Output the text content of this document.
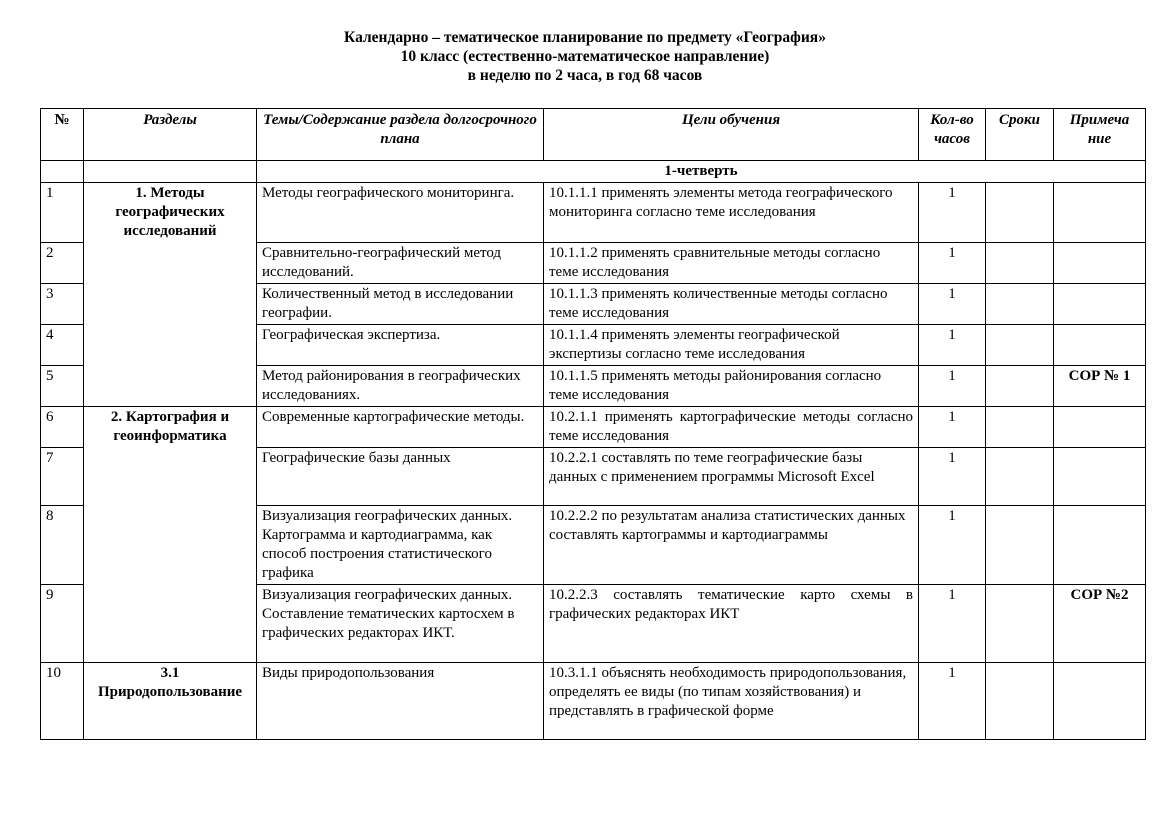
Календарно – тематическое планирование по предмету «География»
10 класс (естественно-математическое направление)
в неделю по 2 часа, в год 68 часов
№	Разделы	Темы/Содержание раздела долгосрочного плана	Цели обучения	Кол-во часов	Сроки	Примеча ние
		1-четверть				
1	1. Методы географических исследований	Методы географического мониторинга.	10.1.1.1 применять элементы метода географического мониторинга согласно теме исследования	1		
2		Сравнительно-географический метод исследований.	10.1.1.2 применять сравнительные методы согласно теме исследования	1		
3		Количественный метод в исследовании географии.	10.1.1.3 применять количественные методы согласно теме исследования	1		
4		Географическая экспертиза.	10.1.1.4 применять элементы географической экспертизы согласно теме исследования	1		
5		Метод районирования в географических исследованиях.	10.1.1.5 применять методы районирования согласно теме исследования	1		СОР № 1
6	2. Картография и геоинформатика	Современные картографические методы.	10.2.1.1 применять картографические методы согласно теме исследования	1		
7		Географические базы данных	10.2.2.1 составлять по теме географические базы данных с применением программы Microsoft Excel	1		
8		Визуализация географических данных. Картограмма и картодиаграмма, как способ построения статистического графика	10.2.2.2 по результатам анализа статистических данных составлять картограммы и картодиаграммы	1		
9		Визуализация географических данных. Составление тематических картосхем в графических редакторах ИКТ.	10.2.2.3 составлять тематические карто схемы в графических редакторах ИКТ	1		СОР №2
10	3.1 Природопользование	Виды природопользования	10.3.1.1 объяснять необходимость природопользования, определять ее виды (по типам хозяйствования) и представлять в графической форме	1		
